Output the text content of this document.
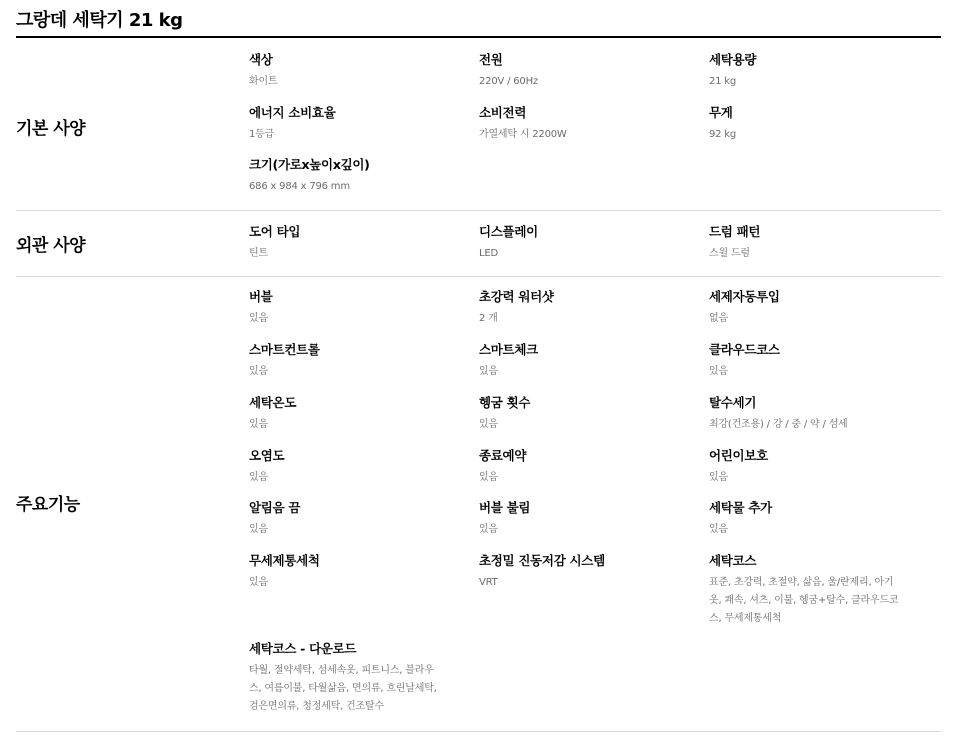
그랑데 세탁기 21 kg
기본 사양
색상
화이트
전원
220V / 60Hz
세탁용량
21 kg
에너지 소비효율
1등급
소비전력
가열세탁 시 2200W
무게
92 kg
크기(가로x높이x깊이)
686 x 984 x 796 mm
외관 사양
도어 타입
틴트
디스플레이
LED
드럼 패턴
스윌 드럼
주요기능
버블
있음
초강력 워터샷
2 개
세제자동투입
없음
스마트컨트롤
있음
스마트체크
있음
클라우드코스
있음
세탁온도
있음
헹굼 횟수
있음
탈수세기
최강(건조용) / 강 / 중 / 약 / 섬세
오염도
있음
종료예약
있음
어린이보호
있음
알림음 끔
있음
버블 불림
있음
세탁물 추가
있음
무세제통세척
있음
초정밀 진동저감 시스템
VRT
세탁코스
표준, 초강력, 초절약, 삶음, 울/란제리, 아기옷, 쾌속, 셔츠, 이불, 헹굼+탈수, 클라우드코스, 무세제통세척
세탁코스 - 다운로드
타월, 절약세탁, 섬세속옷, 피트니스, 블라우스, 여름이불, 타월삶음, 면의류, 흐린날세탁, 검은면의류, 청정세탁, 건조탈수
